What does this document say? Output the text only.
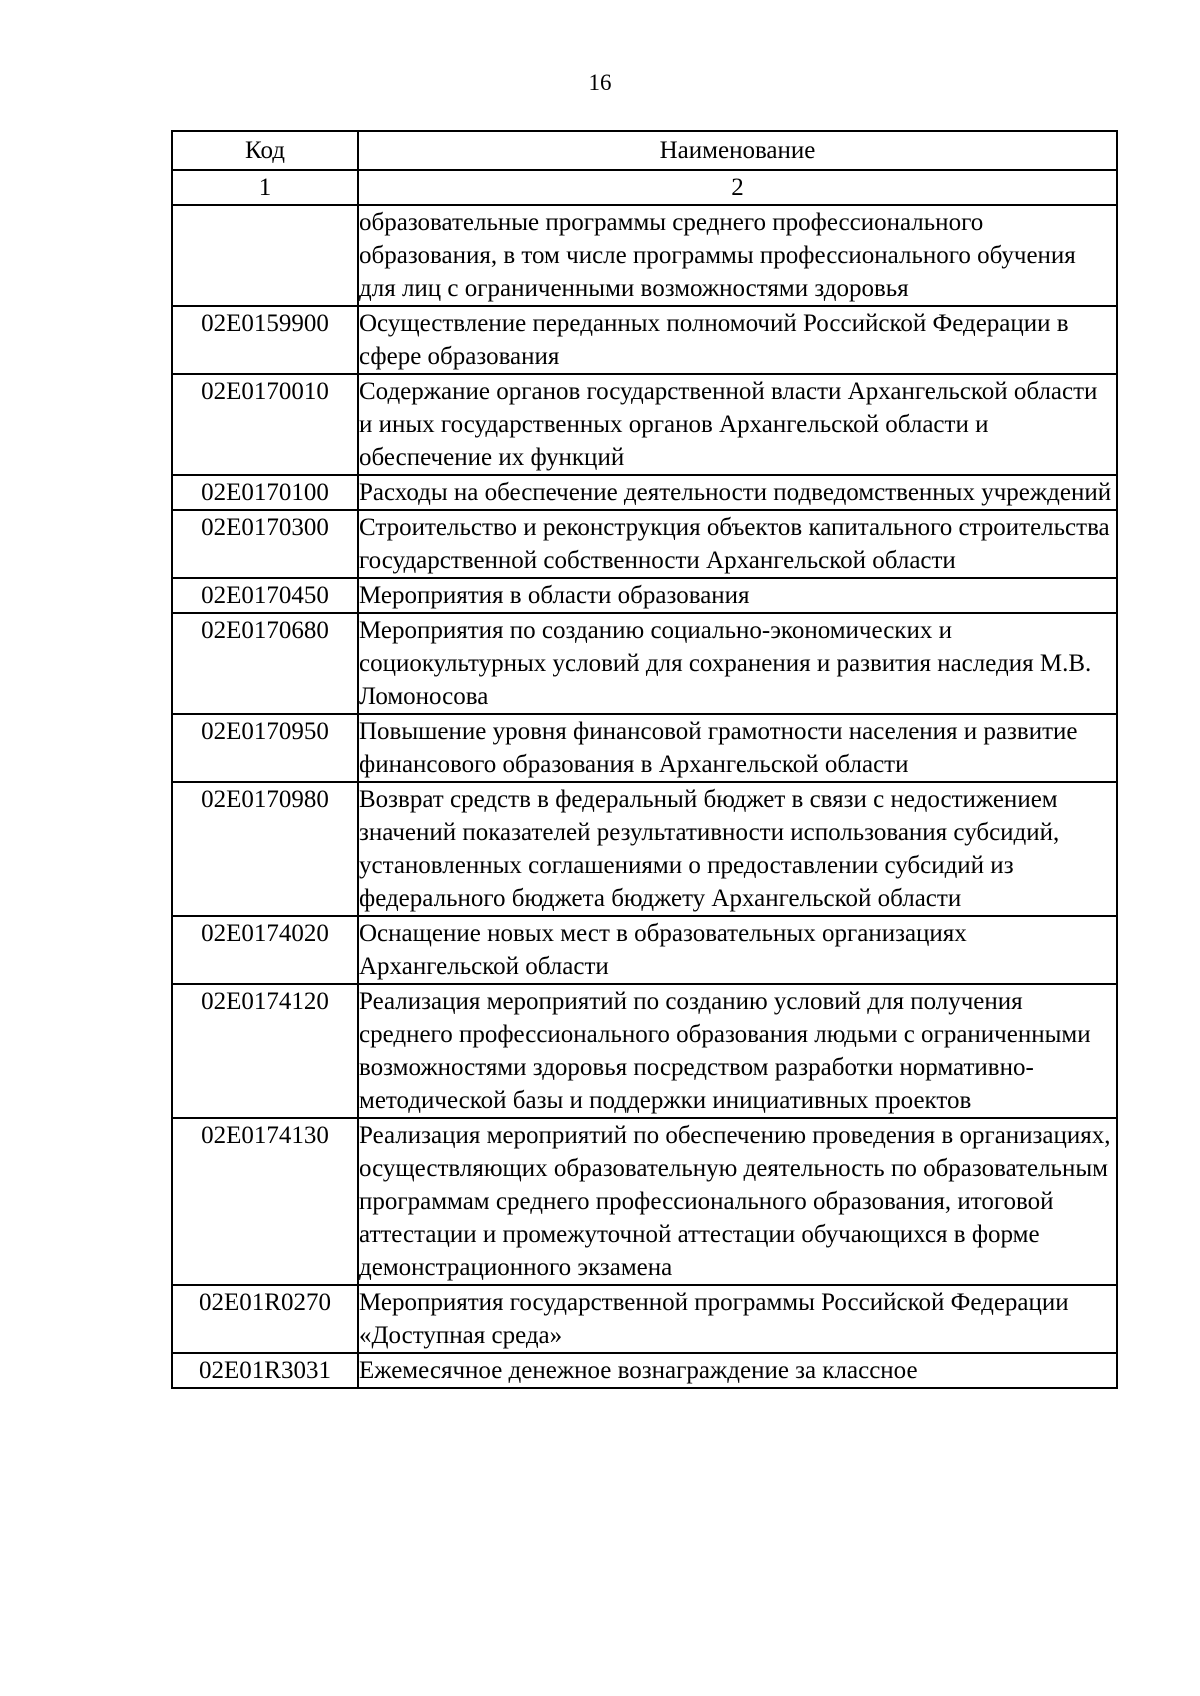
16
Код	Наименование
1	2
	образовательные программы среднего профессионального образования, в том числе программы профессионального обучения для лиц с ограниченными возможностями здоровья
02Е0159900	Осуществление переданных полномочий Российской Федерации в сфере образования
02Е0170010	Содержание органов государственной власти Архангельской области и иных государственных органов Архангельской области и обеспечение их функций
02Е0170100	Расходы на обеспечение деятельности подведомственных учреждений
02Е0170300	Строительство и реконструкция объектов капитального строительства государственной собственности Архангельской области
02Е0170450	Мероприятия в области образования
02Е0170680	Мероприятия по созданию социально-экономических и социокультурных условий для сохранения и развития наследия М.В. Ломоносова
02Е0170950	Повышение уровня финансовой грамотности населения и развитие финансового образования в Архангельской области
02Е0170980	Возврат средств в федеральный бюджет в связи с недостижением значений показателей результативности использования субсидий, установленных соглашениями о предоставлении субсидий из федерального бюджета бюджету Архангельской области
02Е0174020	Оснащение новых мест в образовательных организациях Архангельской области
02Е0174120	Реализация мероприятий по созданию условий для получения среднего профессионального образования людьми с ограниченными возможностями здоровья посредством разработки нормативно-методической базы и поддержки инициативных проектов
02Е0174130	Реализация мероприятий по обеспечению проведения в организациях, осуществляющих образовательную деятельность по образовательным программам среднего профессионального образования, итоговой аттестации и промежуточной аттестации обучающихся в форме демонстрационного экзамена
02Е01R0270	Мероприятия государственной программы Российской Федерации «Доступная среда»
02Е01R3031	Ежемесячное денежное вознаграждение за классное
